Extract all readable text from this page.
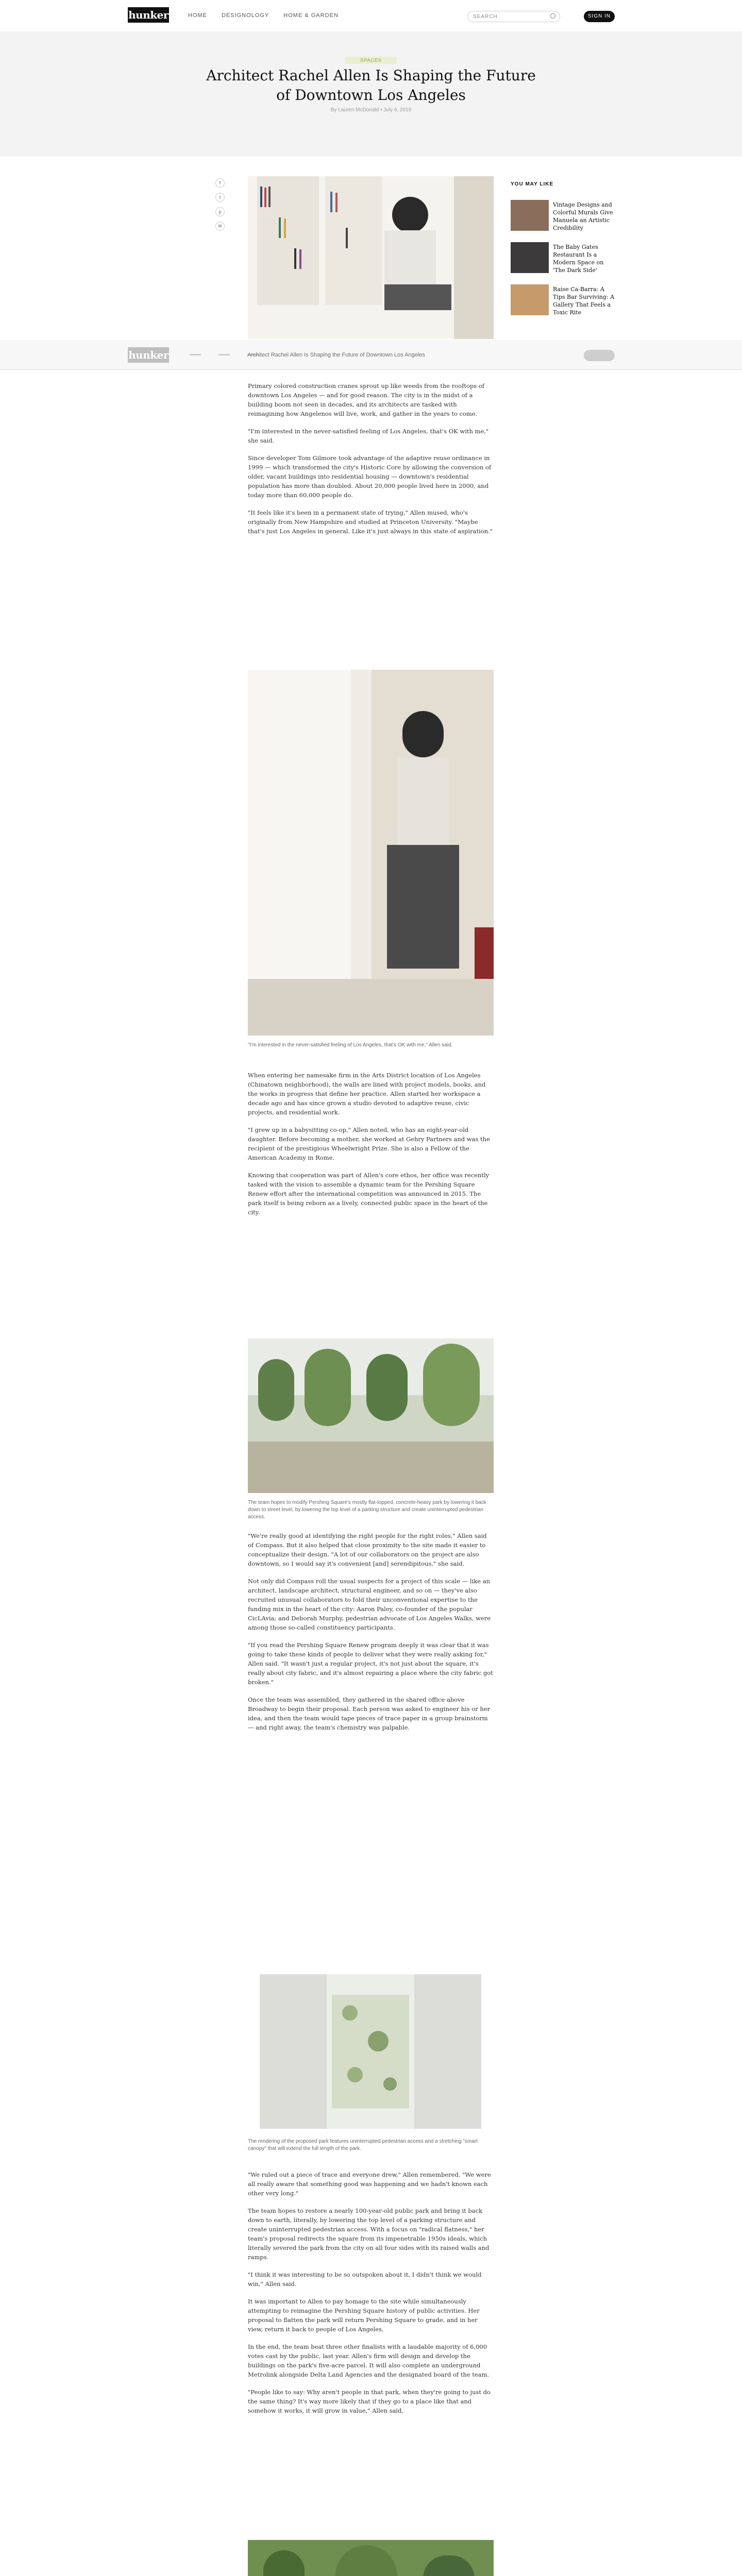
hunker	HOME	DESIGNOLOGY	HOME & GARDEN	SEARCH	SIGN IN
SPACES
Architect Rachel Allen Is Shaping the Future of Downtown Los Angeles
By Lauren McDonald • July 6, 2019
f
t
p
✉
hunker	Architect Rachel Allen Is Shaping the Future of Downtown Los Angeles
YOU MAY LIKE
Vintage Designs and Colorful Murals Give Manuela an Artistic Credibility
The Baby Gates Restaurant Is a Modern Space on 'The Dark Side'
Raise Ca-Barra: A Tips Bar Surviving: A Gallery That Feels a Toxic Rite

Primary colored construction cranes sprout up like weeds from the rooftops of downtown Los Angeles — and for good reason. The city is in the midst of a building boom not seen in decades, and its architects are tasked with reimagining how Angelenos will live, work, and gather in the years to come.

"I'm interested in the never-satisfied feeling of Los Angeles, that's OK with me," she said.

Since developer Tom Gilmore took advantage of the adaptive reuse ordinance in 1999 — which transformed the city's Historic Core by allowing the conversion of older, vacant buildings into residential housing — downtown's residential population has more than doubled. About 20,000 people lived here in 2000, and today more than 60,000 people do.

"It feels like it's been in a permanent state of trying," Allen mused, who's originally from New Hampshire and studied at Princeton University. "Maybe that's just Los Angeles in general. Like it's just always in this state of aspiration."

"I'm interested in the never-satisfied feeling of Los Angeles, that's OK with me," Allen said.

When entering her namesake firm in the Arts District location of Los Angeles (Chinatown neighborhood), the walls are lined with project models, books, and the works in progress that define her practice. Allen started her workspace a decade ago and has since grown a studio devoted to adaptive reuse, civic projects, and residential work.

"I grew up in a babysitting co-op," Allen noted, who has an eight-year-old daughter. Before becoming a mother, she worked at Gehry Partners and was the recipient of the prestigious Wheelwright Prize. She is also a Fellow of the American Academy in Rome.

Knowing that cooperation was part of Allen's core ethos, her office was recently tasked with the vision to assemble a dynamic team for the Pershing Square Renew effort after the international competition was announced in 2015. The park itself is being reborn as a lively, connected public space in the heart of the city.

The team hopes to modify Pershing Square's mostly flat-topped, concrete-heavy park by lowering it back down to street level, by lowering the top level of a parking structure and create uninterrupted pedestrian access.

"We're really good at identifying the right people for the right roles," Allen said of Compass. But it also helped that close proximity to the site made it easier to conceptualize their design. "A lot of our collaborators on the project are also downtown, so I would say it's convenient [and] serendipitous," she said.

Not only did Compass roll the usual suspects for a project of this scale — like an architect, landscape architect, structural engineer, and so on — they've also recruited unusual collaborators to fold their unconventional expertise to the funding mix in the heart of the city: Aaron Paley, co-founder of the popular CicLAvia; and Deborah Murphy, pedestrian advocate of Los Angeles Walks, were among those so-called constituency participants.

"If you read the Pershing Square Renew program deeply it was clear that it was going to take these kinds of people to deliver what they were really asking for," Allen said. "It wasn't just a regular project, it's not just about the square, it's really about city fabric, and it's almost repairing a place where the city fabric got broken."

Once the team was assembled, they gathered in the shared office above Broadway to begin their proposal. Each person was asked to engineer his or her idea, and then the team would tape pieces of trace paper in a group brainstorm — and right away, the team's chemistry was palpable.

The rendering of the proposed park features uninterrupted pedestrian access and a stretching "smart canopy" that will extend the full length of the park.

"We ruled out a piece of trace and everyone drew," Allen remembered. "We were all really aware that something good was happening and we hadn't known each other very long."

The team hopes to restore a nearly 100-year-old public park and bring it back down to earth, literally, by lowering the top level of a parking structure and create uninterrupted pedestrian access. With a focus on "radical flatness," her team's proposal redirects the square from its impenetrable 1950s ideals, which literally severed the park from the city on all four sides with its raised walls and ramps.

"I think it was interesting to be so outspoken about it, I didn't think we would win," Allen said.

It was important to Allen to pay homage to the site while simultaneously attempting to reimagine the Pershing Square history of public activities. Her proposal to flatten the park will return Pershing Square to grade, and in her view, return it back to people of Los Angeles.

In the end, the team beat three other finalists with a laudable majority of 6,000 votes cast by the public, last year. Allen's firm will design and develop the buildings on the park's five-acre parcel. It will also complete an underground Metrolink alongside Delta Land Agencies and the designated board of the team.

"People like to say: Why aren't people in that park, when they're going to just do the same thing? It's way more likely that if they go to a place like that and somehow it works, it will grow in value," Allen said.
